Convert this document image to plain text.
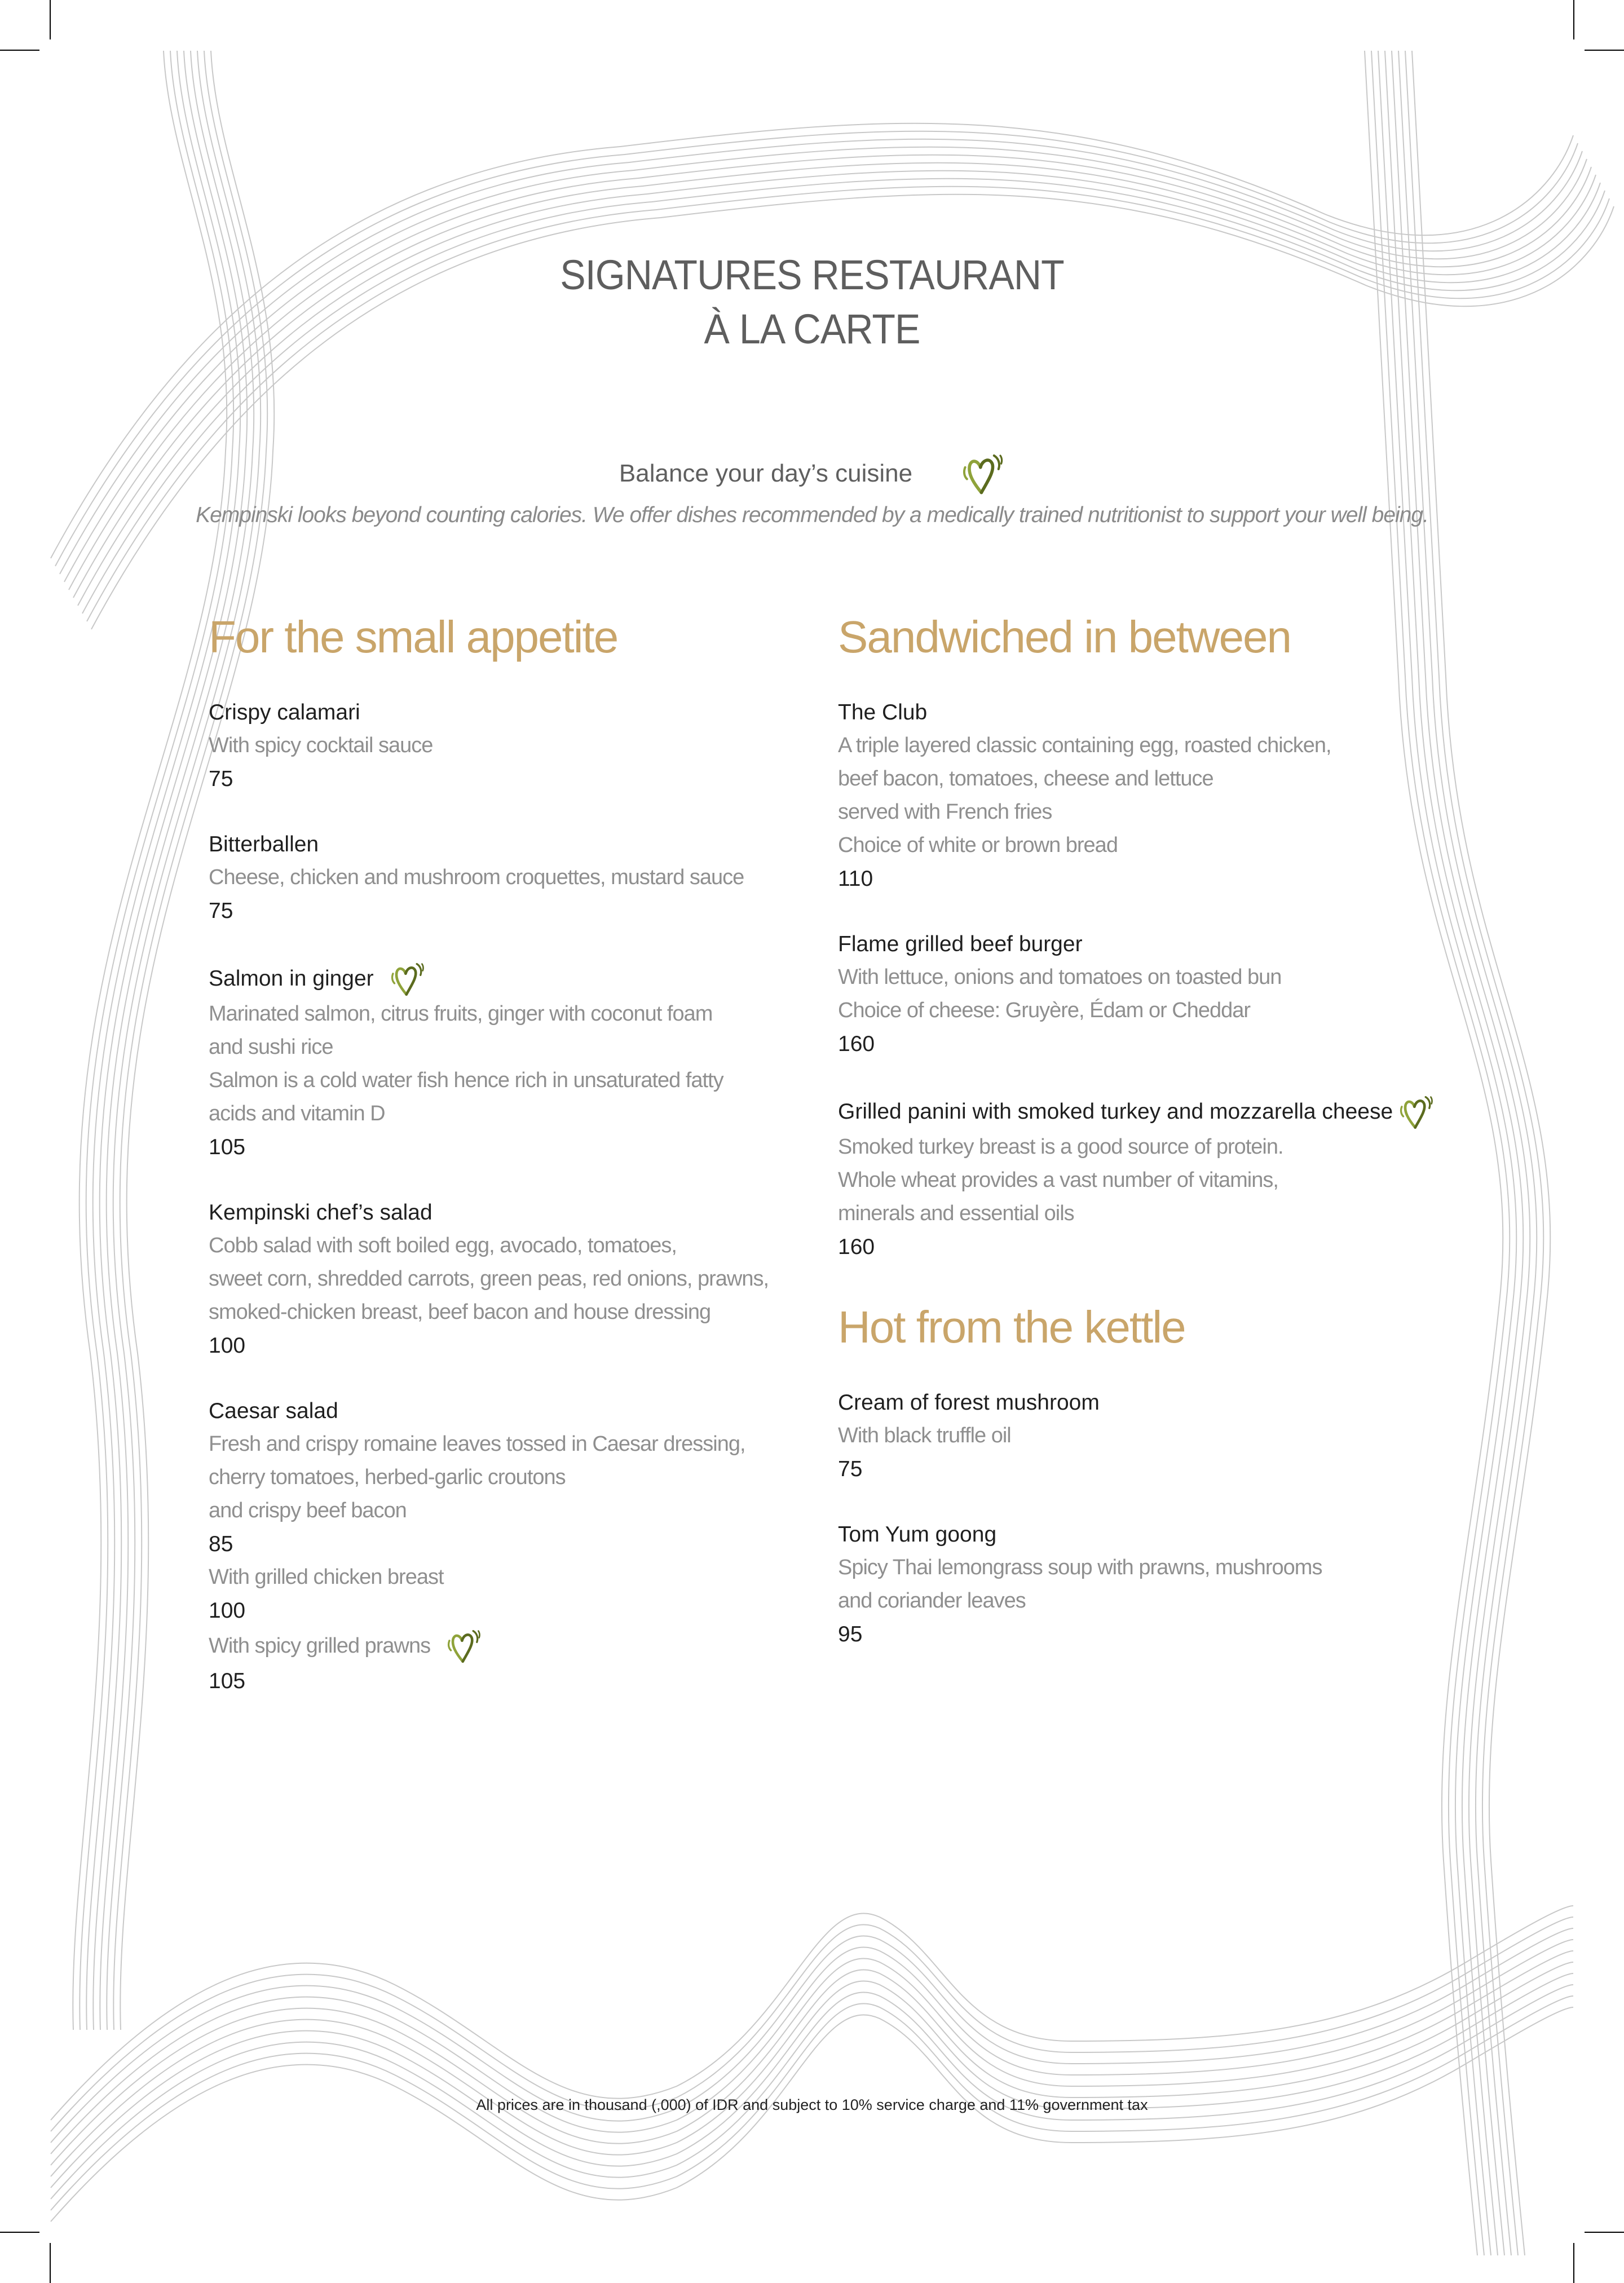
SIGNATURES RESTAURANT
À LA CARTE
Balance your day’s cuisine
Kempinski looks beyond counting calories. We offer dishes recommended by a medically trained nutritionist to support your well being.
For the small appetite
Crispy calamari
With spicy cocktail sauce
75
Bitterballen
Cheese, chicken and mushroom croquettes, mustard sauce
75
Salmon in ginger
Marinated salmon, citrus fruits, ginger with coconut foam
and sushi rice
Salmon is a cold water fish hence rich in unsaturated fatty
acids and vitamin D
105
Kempinski chef’s salad
Cobb salad with soft boiled egg, avocado, tomatoes,
sweet corn, shredded carrots, green peas, red onions, prawns,
smoked-chicken breast, beef bacon and house dressing
100
Caesar salad
Fresh and crispy romaine leaves tossed in Caesar dressing,
cherry tomatoes, herbed-garlic croutons
and crispy beef bacon
85
With grilled chicken breast
100
With spicy grilled prawns
105
Sandwiched in between
The Club
A triple layered classic containing egg, roasted chicken,
beef bacon, tomatoes, cheese and lettuce
served with French fries
Choice of white or brown bread
110
Flame grilled beef burger
With lettuce, onions and tomatoes on toasted bun
Choice of cheese: Gruyère, Édam or Cheddar
160
Grilled panini with smoked turkey and mozzarella cheese
Smoked turkey breast is a good source of protein.
Whole wheat provides a vast number of vitamins,
minerals and essential oils
160
Hot from the kettle
Cream of forest mushroom
With black truffle oil
75
Tom Yum goong
Spicy Thai lemongrass soup with prawns, mushrooms
and coriander leaves
95
All prices are in thousand (,000) of IDR and subject to 10% service charge and 11% government tax
